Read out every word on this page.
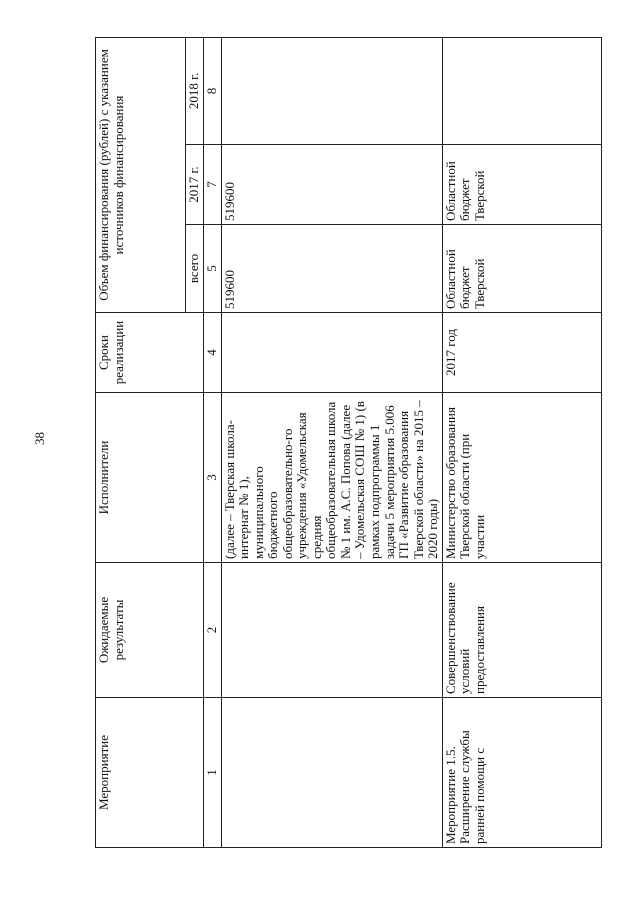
38
Мероприятие	Ожидаемые результаты	Исполнители	Сроки реализации	Объем финансирования (рублей) с указанием источников финансирования		
				всего	2017 г.	2018 г.
1	2	3	4	5	7	8
		(далее – Тверская школа-интернат № 1), муниципального бюджетного общеобразовательно-го учреждения «Удомельская средняя общеобразовательная школа № 1 им. А.С. Попова (далее – Удомельская СОШ № 1) (в рамках подпрограммы 1 задачи 5 мероприятия 5.006 ГП «Развитие образования Тверской области» на 2015 – 2020 годы)		519600	519600	
Мероприятие 1.5. Расширение службы ранней помощи с	Совершенствование условий предоставления	Министерство образования Тверской области (при участии	2017 год	Областной бюджет Тверской	Областной бюджет Тверской	
